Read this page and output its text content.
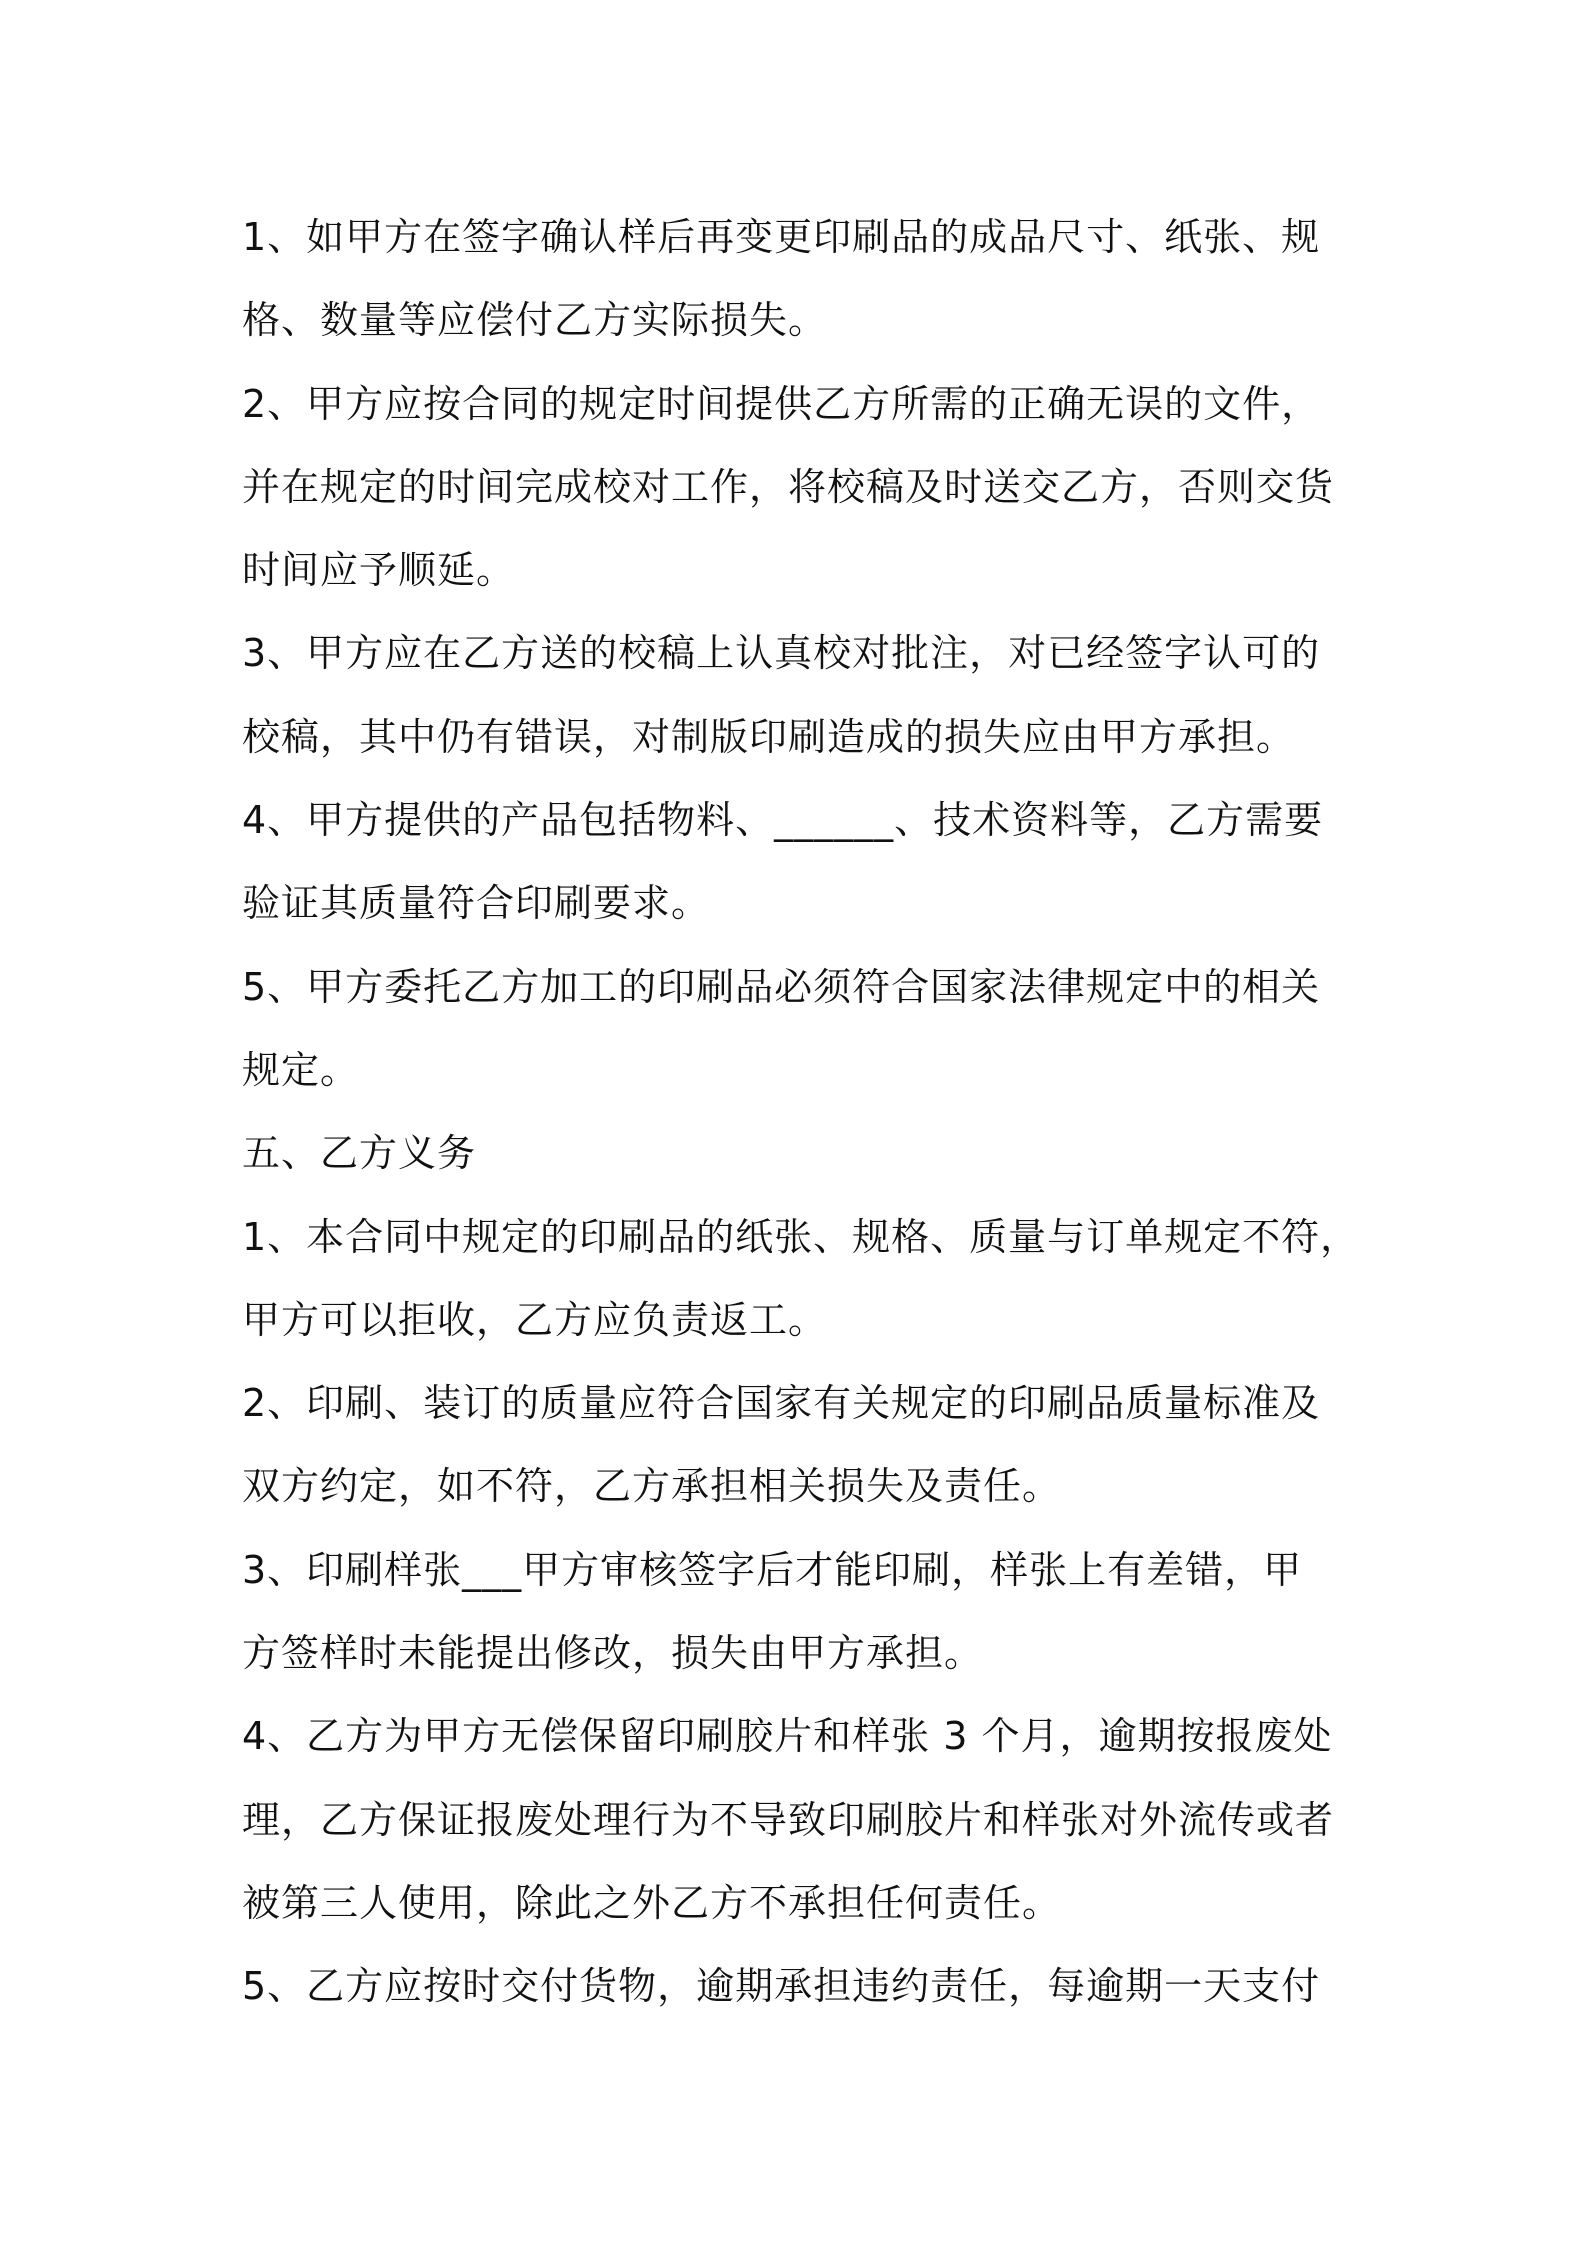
1、如甲方在签字确认样后再变更印刷品的成品尺寸、纸张、规

格、数量等应偿付乙方实际损失。

2、甲方应按合同的规定时间提供乙方所需的正确无误的文件，

并在规定的时间完成校对工作，将校稿及时送交乙方，否则交货

时间应予顺延。

3、甲方应在乙方送的校稿上认真校对批注，对已经签字认可的

校稿，其中仍有错误，对制版印刷造成的损失应由甲方承担。

4、甲方提供的产品包括物料、______、技术资料等，乙方需要

验证其质量符合印刷要求。

5、甲方委托乙方加工的印刷品必须符合国家法律规定中的相关

规定。

五、乙方义务

1、本合同中规定的印刷品的纸张、规格、质量与订单规定不符，

甲方可以拒收，乙方应负责返工。

2、印刷、装订的质量应符合国家有关规定的印刷品质量标准及

双方约定，如不符，乙方承担相关损失及责任。

3、印刷样张___甲方审核签字后才能印刷，样张上有差错，甲

方签样时未能提出修改，损失由甲方承担。

4、乙方为甲方无偿保留印刷胶片和样张 3 个月，逾期按报废处

理，乙方保证报废处理行为不导致印刷胶片和样张对外流传或者

被第三人使用，除此之外乙方不承担任何责任。

5、乙方应按时交付货物，逾期承担违约责任，每逾期一天支付
